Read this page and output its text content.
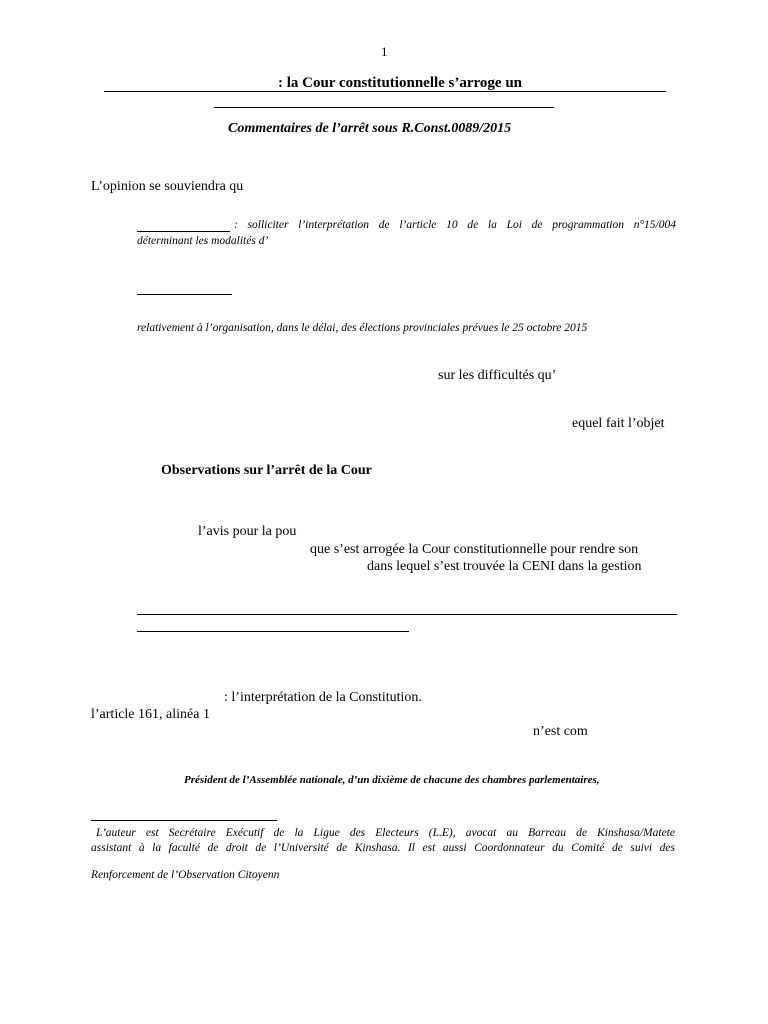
1
: la Cour constitutionnelle s’arroge un
Commentaires de l’arrêt sous R.Const.0089/2015
L’opinion se souviendra qu
: solliciter l’interprétation de l’article 10 de la Loi de programmation n°15/004
déterminant les modalités d’
relativement à l’organisation, dans le délai, des élections provinciales prévues le 25 octobre 2015
sur les difficultés qu’
equel fait l’objet
Observations sur l’arrêt de la Cour
l’avis pour la pou
que s’est arrogée la Cour constitutionnelle pour rendre son
dans lequel s’est trouvée la CENI dans la gestion
: l’interprétation de la Constitution.
l’article 161, alinéa 1
n’est com
Président de l’Assemblée nationale, d’un dixième de chacune des chambres parlementaires,
L’auteur est Secrétaire Exécutif de la Ligue des Electeurs (L.E), avocat au Barreau de Kinshasa/Matete
assistant à la faculté de droit de l’Université de Kinshasa. Il est aussi Coordonnateur du Comité de suivi des
Renforcement de l’Observation Citoyenn
